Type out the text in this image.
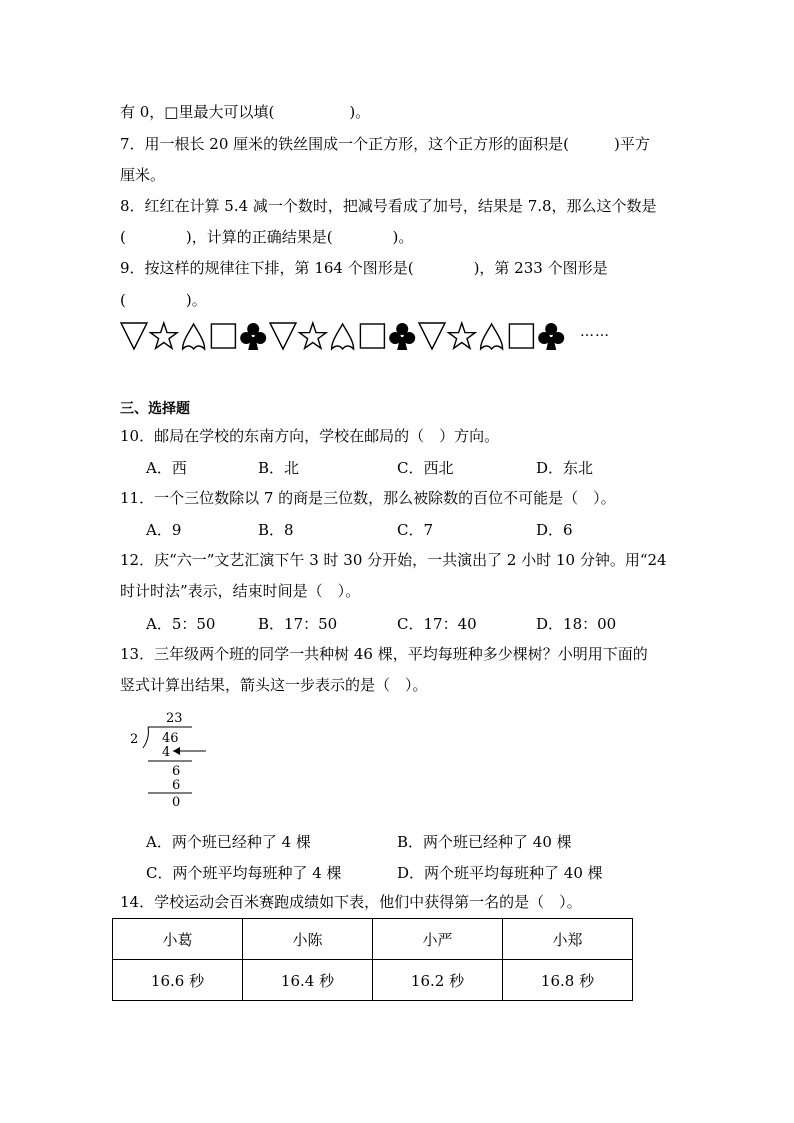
有 0，□里最大可以填(　　　　　)。
7．用一根长 20 厘米的铁丝围成一个正方形，这个正方形的面积是(　　　)平方
厘米。
8．红红在计算 5.4 减一个数时，把减号看成了加号，结果是 7.8，那么这个数是
(　　　　)，计算的正确结果是(　　　　)。
9．按这样的规律往下排，第 164 个图形是(　　　　)，第 233 个图形是
(　　　　)。
……
三、选择题
10．邮局在学校的东南方向，学校在邮局的（　）方向。
A．西	B．北	C．西北	D．东北
11．一个三位数除以 7 的商是三位数，那么被除数的百位不可能是（　）。
A．9	B．8	C．7	D．6
12．庆“六一”文艺汇演下午 3 时 30 分开始，一共演出了 2 小时 10 分钟。用“24
时计时法”表示，结束时间是（　）。
A．5：50	B．17：50	C．17：40	D．18：00
13．三年级两个班的同学一共种树 46 棵，平均每班种多少棵树？小明用下面的
竖式计算出结果，箭头这一步表示的是（　）。
23
2 46
4
6
6
0
A．两个班已经种了 4 棵	B．两个班已经种了 40 棵
C．两个班平均每班种了 4 棵	D．两个班平均每班种了 40 棵
14．学校运动会百米赛跑成绩如下表，他们中获得第一名的是（　）。
小葛	小陈	小严	小郑
16.6 秒	16.4 秒	16.2 秒	16.8 秒
